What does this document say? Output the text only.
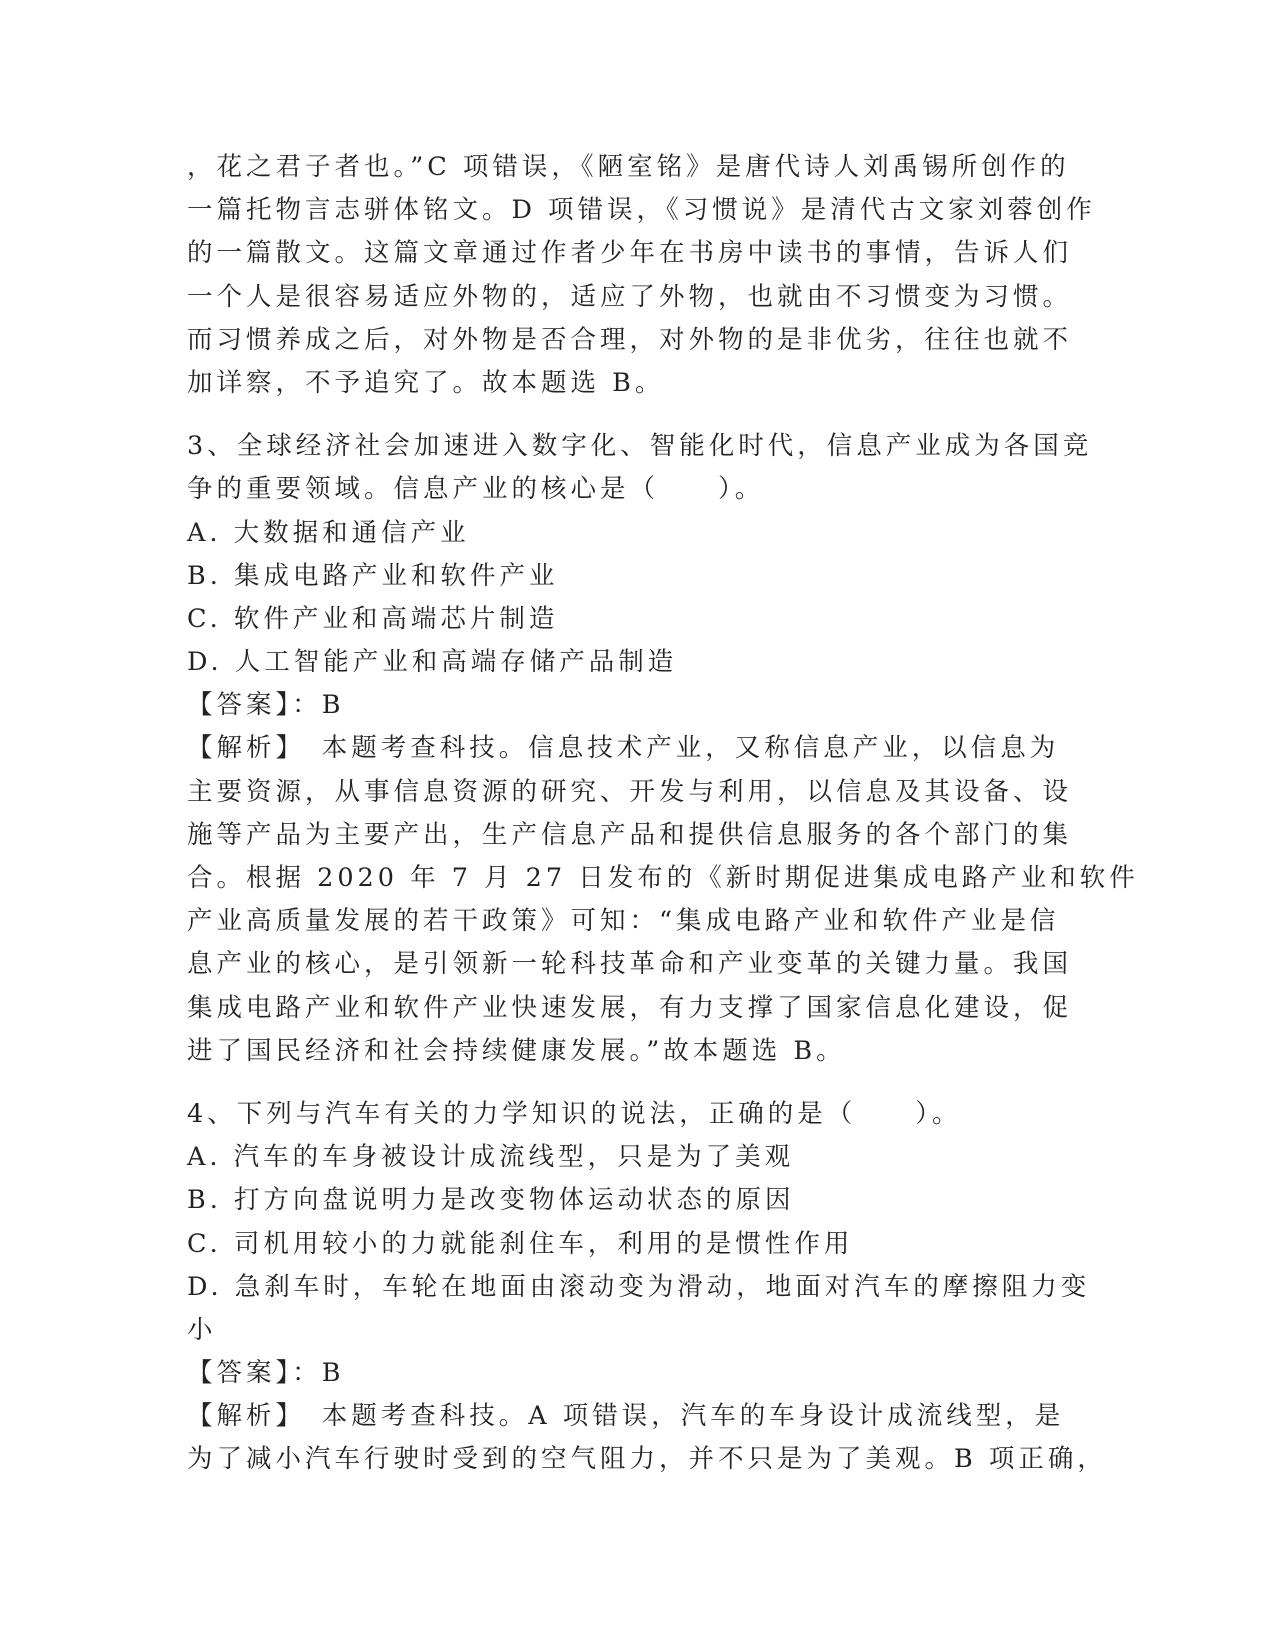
，花之君子者也。”C 项错误，《陋室铭》是唐代诗人刘禹锡所创作的
一篇托物言志骈体铭文。D 项错误，《习惯说》是清代古文家刘蓉创作
的一篇散文。这篇文章通过作者少年在书房中读书的事情，告诉人们
一个人是很容易适应外物的，适应了外物，也就由不习惯变为习惯。
而习惯养成之后，对外物是否合理，对外物的是非优劣，往往也就不
加详察，不予追究了。故本题选 B。
3、全球经济社会加速进入数字化、智能化时代，信息产业成为各国竞
争的重要领域。信息产业的核心是（　　）。
A. 大数据和通信产业
B. 集成电路产业和软件产业
C. 软件产业和高端芯片制造
D. 人工智能产业和高端存储产品制造
【答案】：B
【解析】　本题考查科技。信息技术产业，又称信息产业，以信息为
主要资源，从事信息资源的研究、开发与利用，以信息及其设备、设
施等产品为主要产出，生产信息产品和提供信息服务的各个部门的集
合。根据 2020 年 7 月 27 日发布的《新时期促进集成电路产业和软件
产业高质量发展的若干政策》可知：“集成电路产业和软件产业是信
息产业的核心，是引领新一轮科技革命和产业变革的关键力量。我国
集成电路产业和软件产业快速发展，有力支撑了国家信息化建设，促
进了国民经济和社会持续健康发展。”故本题选 B。
4、下列与汽车有关的力学知识的说法，正确的是（　　）。
A. 汽车的车身被设计成流线型，只是为了美观
B. 打方向盘说明力是改变物体运动状态的原因
C. 司机用较小的力就能刹住车，利用的是惯性作用
D. 急刹车时，车轮在地面由滚动变为滑动，地面对汽车的摩擦阻力变
小
【答案】：B
【解析】　本题考查科技。A 项错误，汽车的车身设计成流线型，是
为了减小汽车行驶时受到的空气阻力，并不只是为了美观。B 项正确，
